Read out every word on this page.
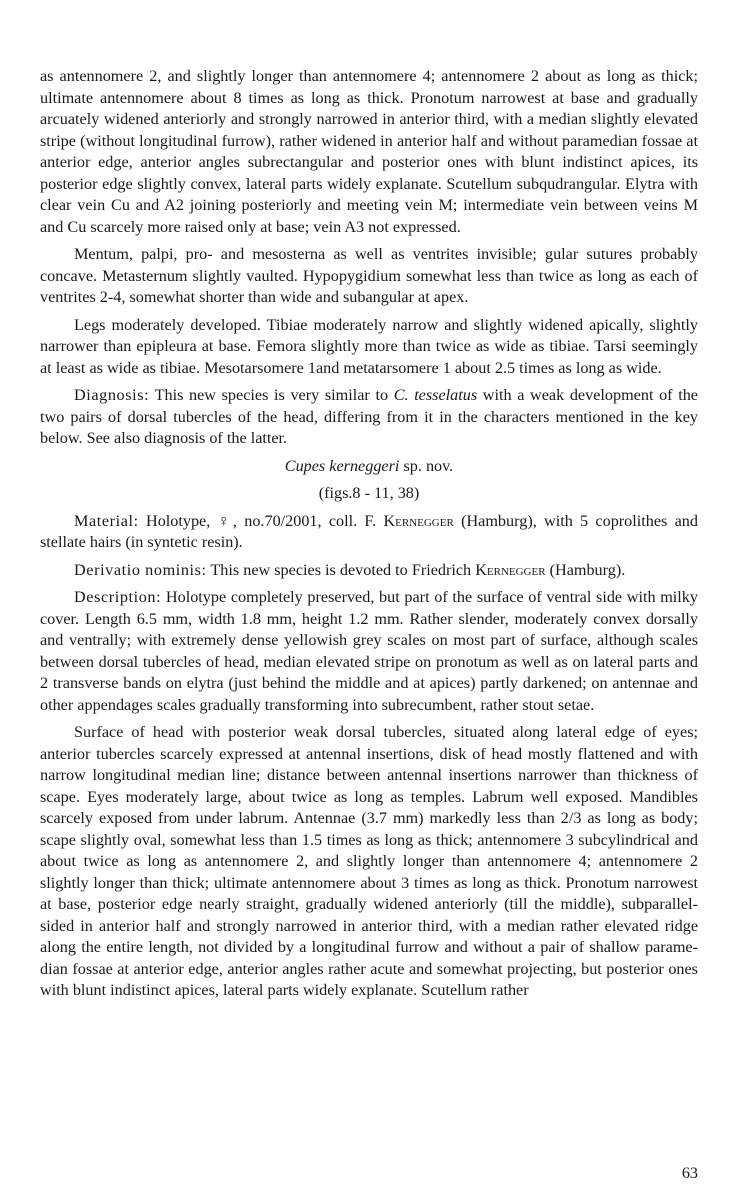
as antennomere 2, and slightly longer than antennomere 4; antennomere 2 about as long as thick; ultimate antennomere about 8 times as long as thick. Pronotum narrowest at base and gradually arcuately widened anteriorly and strongly narrowed in anterior third, with a median slightly elevated stripe (without longitudinal furrow), rather widened in anterior half and without paramedian fossae at anterior edge, anterior angles subrectangular and posterior ones with blunt indistinct apices, its posterior edge slightly convex, lateral parts widely explanate. Scutellum subqudrangular. Elytra with clear vein Cu and A2 joining posteriorly and meeting vein M; intermediate vein between veins M and Cu scarcely more raised only at base; vein A3 not expressed.

Mentum, palpi, pro- and mesosterna as well as ventrites invisible; gular sutures probably concave. Metasternum slightly vaulted. Hypopygidium somewhat less than twice as long as each of ventrites 2-4, somewhat shorter than wide and subangular at apex.

Legs moderately developed. Tibiae moderately narrow and slightly widened apically, slightly narrower than epipleura at base. Femora slightly more than twice as wide as tibiae. Tarsi seemingly at least as wide as tibiae. Mesotarsomere 1and metatarsomere 1 about 2.5 times as long as wide.

Diagnosis: This new species is very similar to C. tesselatus with a weak development of the two pairs of dorsal tubercles of the head, differing from it in the characters mentioned in the key below. See also diagnosis of the latter.

Cupes kerneggeri sp. nov.
(figs.8 - 11, 38)

Material: Holotype, ♀, no.70/2001, coll. F. Kernegger (Hamburg), with 5 coprolithes and stellate hairs (in syntetic resin).

Derivatio nominis: This new species is devoted to Friedrich Kernegger (Hamburg).

Description: Holotype completely preserved, but part of the surface of ventral side with milky cover. Length 6.5 mm, width 1.8 mm, height 1.2 mm. Rather slender, moderately convex dorsally and ventrally; with extremely dense yellowish grey scales on most part of surface, although scales between dorsal tubercles of head, median elevated stripe on pronotum as well as on lateral parts and 2 transverse bands on elytra (just behind the middle and at apices) partly darkened; on antennae and other appendages scales gradually transforming into subrecumbent, rather stout setae.

Surface of head with posterior weak dorsal tubercles, situated along lateral edge of eyes; anterior tubercles scarcely expressed at antennal insertions, disk of head mostly flattened and with narrow longitudinal median line; distance between antennal insertions narrower than thickness of scape. Eyes moderately large, about twice as long as temples. Labrum well exposed. Mandibles scarcely exposed from under labrum. Antennae (3.7 mm) markedly less than 2/3 as long as body; scape slightly oval, somewhat less than 1.5 times as long as thick; antennomere 3 subcylindrical and about twice as long as antennomere 2, and slightly longer than antennomere 4; antennomere 2 slightly longer than thick; ultimate antennomere about 3 times as long as thick. Pronotum narrowest at base, posterior edge nearly straight, gradually widened anteriorly (till the middle), subparallel-sided in anterior half and strongly narrowed in anterior third, with a median rather elevated ridge along the entire length, not divided by a longitudinal furrow and without a pair of shallow paramedian fossae at anterior edge, anterior angles rather acute and somewhat projecting, but posterior ones with blunt indistinct apices, lateral parts widely explanate. Scutellum rather

63
